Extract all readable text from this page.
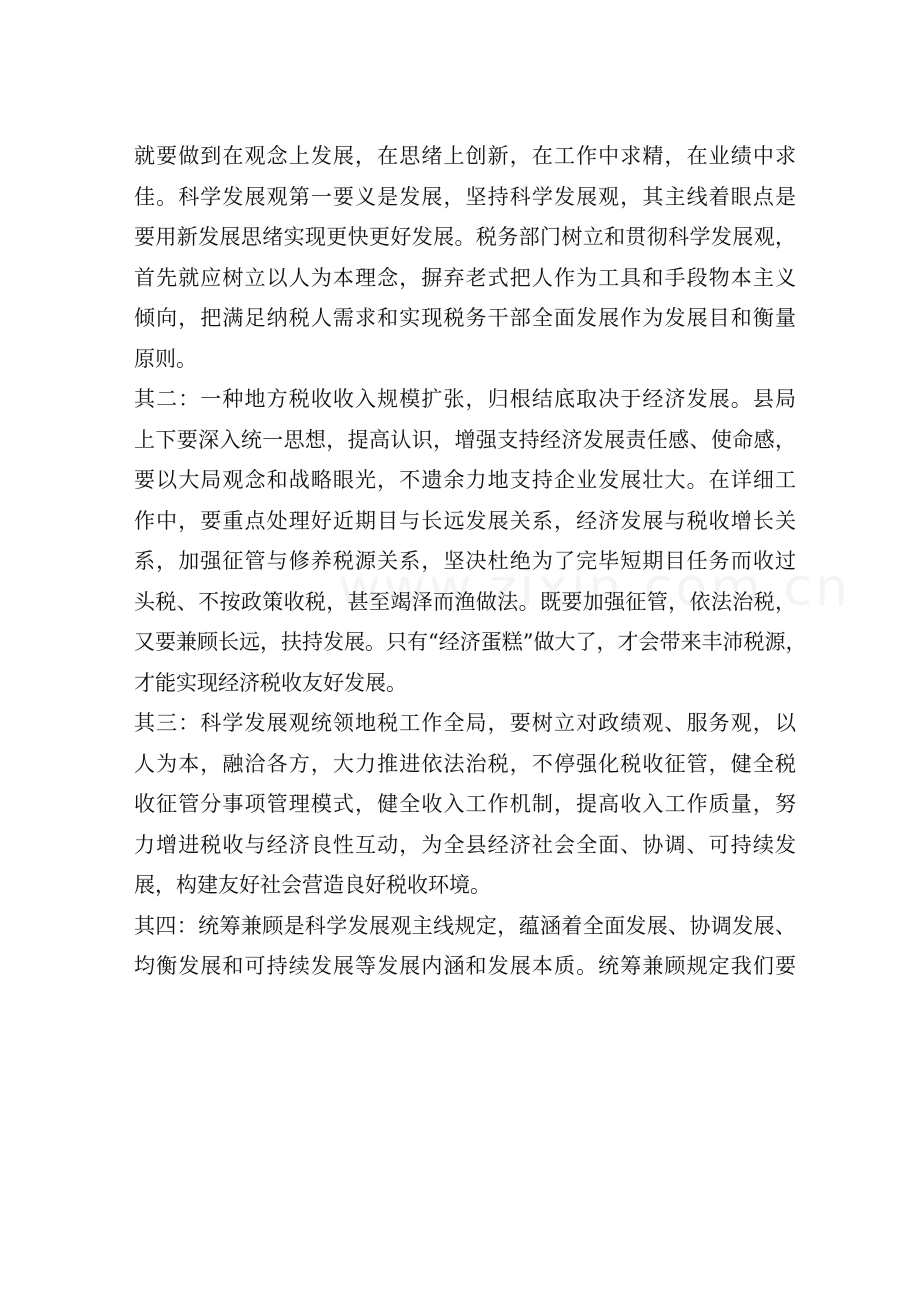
就要做到在观念上发展，在思绪上创新，在工作中求精，在业绩中求
佳。科学发展观第一要义是发展，坚持科学发展观，其主线着眼点是
要用新发展思绪实现更快更好发展。税务部门树立和贯彻科学发展观，
首先就应树立以人为本理念，摒弃老式把人作为工具和手段物本主义
倾向，把满足纳税人需求和实现税务干部全面发展作为发展目和衡量
原则。
其二：一种地方税收收入规模扩张，归根结底取决于经济发展。县局
上下要深入统一思想，提高认识，增强支持经济发展责任感、使命感，
要以大局观念和战略眼光，不遗余力地支持企业发展壮大。在详细工
作中，要重点处理好近期目与长远发展关系，经济发展与税收增长关
系，加强征管与修养税源关系，坚决杜绝为了完毕短期目任务而收过
头税、不按政策收税，甚至竭泽而渔做法。既要加强征管，依法治税，
又要兼顾长远，扶持发展。只有“经济蛋糕”做大了，才会带来丰沛税源，
才能实现经济税收友好发展。
其三：科学发展观统领地税工作全局，要树立对政绩观、服务观，以
人为本，融洽各方，大力推进依法治税，不停强化税收征管，健全税
收征管分事项管理模式，健全收入工作机制，提高收入工作质量，努
力增进税收与经济良性互动，为全县经济社会全面、协调、可持续发
展，构建友好社会营造良好税收环境。
其四：统筹兼顾是科学发展观主线规定，蕴涵着全面发展、协调发展、
均衡发展和可持续发展等发展内涵和发展本质。统筹兼顾规定我们要
